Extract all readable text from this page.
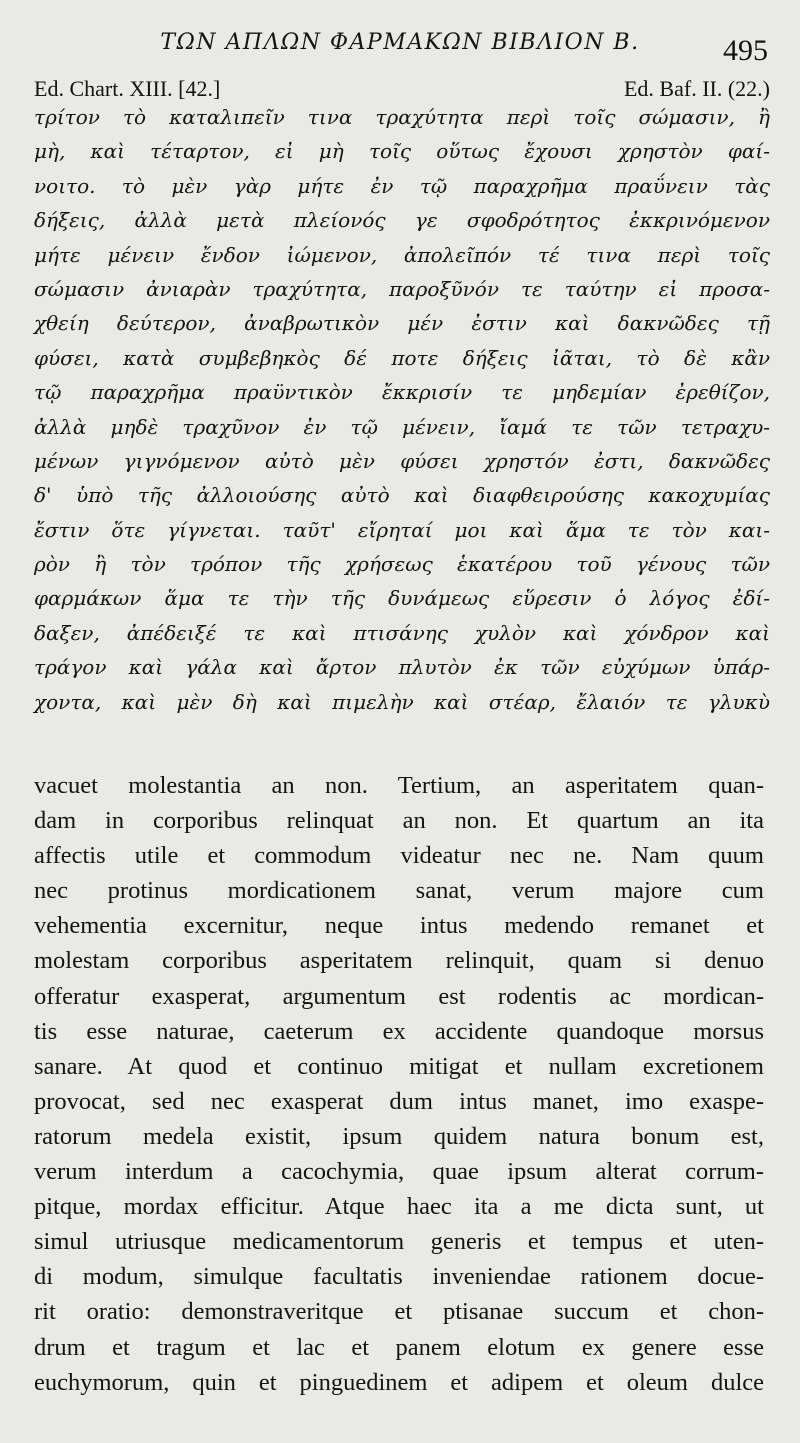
ΤΩΝ ΑΠΛΩΝ ΦΑΡΜΑΚΩΝ ΒΙΒΛΙΟΝ Β.	495
Ed. Chart. XIII. [42.]	Ed. Baf. II. (22.)
τρίτον τὸ καταλιπεῖν τινα τραχύτητα περὶ τοῖς σώμασιν, ἢ
μὴ, καὶ τέταρτον, εἰ μὴ τοῖς οὕτως ἔχουσι χρηστὸν φαί-
νοιτο. τὸ μὲν γὰρ μήτε ἐν τῷ παραχρῆμα πραΰνειν τὰς
δήξεις, ἀλλὰ μετὰ πλείονός γε σφοδρότητος ἐκκρινόμενον
μήτε μένειν ἔνδον ἰώμενον, ἀπολεῖπόν τέ τινα περὶ τοῖς
σώμασιν ἀνιαρὰν τραχύτητα, παροξῦνόν τε ταύτην εἰ προσα-
χθείη δεύτερον, ἀναβρωτικὸν μέν ἐστιν καὶ δακνῶδες τῇ
φύσει, κατὰ συμβεβηκὸς δέ ποτε δήξεις ἰᾶται, τὸ δὲ κἂν
τῷ παραχρῆμα πραϋντικὸν ἔκκρισίν τε μηδεμίαν ἐρεθίζον,
ἀλλὰ μηδὲ τραχῦνον ἐν τῷ μένειν, ἴαμά τε τῶν τετραχυ-
μένων γιγνόμενον αὐτὸ μὲν φύσει χρηστόν ἐστι, δακνῶδες
δ' ὑπὸ τῆς ἀλλοιούσης αὐτὸ καὶ διαφθειρούσης κακοχυμίας
ἔστιν ὅτε γίγνεται. ταῦτ' εἴρηταί μοι καὶ ἅμα τε τὸν και-
ρὸν ἢ τὸν τρόπον τῆς χρήσεως ἑκατέρου τοῦ γένους τῶν
φαρμάκων ἅμα τε τὴν τῆς δυνάμεως εὕρεσιν ὁ λόγος ἐδί-
δαξεν, ἀπέδειξέ τε καὶ πτισάνης χυλὸν καὶ χόνδρον καὶ
τράγον καὶ γάλα καὶ ἄρτον πλυτὸν ἐκ τῶν εὐχύμων ὑπάρ-
χοντα, καὶ μὲν δὴ καὶ πιμελὴν καὶ στέαρ, ἔλαιόν τε γλυκὺ
vacuet molestantia an non. Tertium, an asperitatem quan-
dam in corporibus relinquat an non. Et quartum an ita
affectis utile et commodum videatur nec ne. Nam quum
nec protinus mordicationem sanat, verum majore cum
vehementia excernitur, neque intus medendo remanet et
molestam corporibus asperitatem relinquit, quam si denuo
offeratur exasperat, argumentum est rodentis ac mordican-
tis esse naturae, caeterum ex accidente quandoque morsus
sanare. At quod et continuo mitigat et nullam excretionem
provocat, sed nec exasperat dum intus manet, imo exaspe-
ratorum medela existit, ipsum quidem natura bonum est,
verum interdum a cacochymia, quae ipsum alterat corrum-
pitque, mordax efficitur. Atque haec ita a me dicta sunt, ut
simul utriusque medicamentorum generis et tempus et uten-
di modum, simulque facultatis inveniendae rationem docue-
rit oratio: demonstraveritque et ptisanae succum et chon-
drum et tragum et lac et panem elotum ex genere esse
euchymorum, quin et pinguedinem et adipem et oleum dulce
